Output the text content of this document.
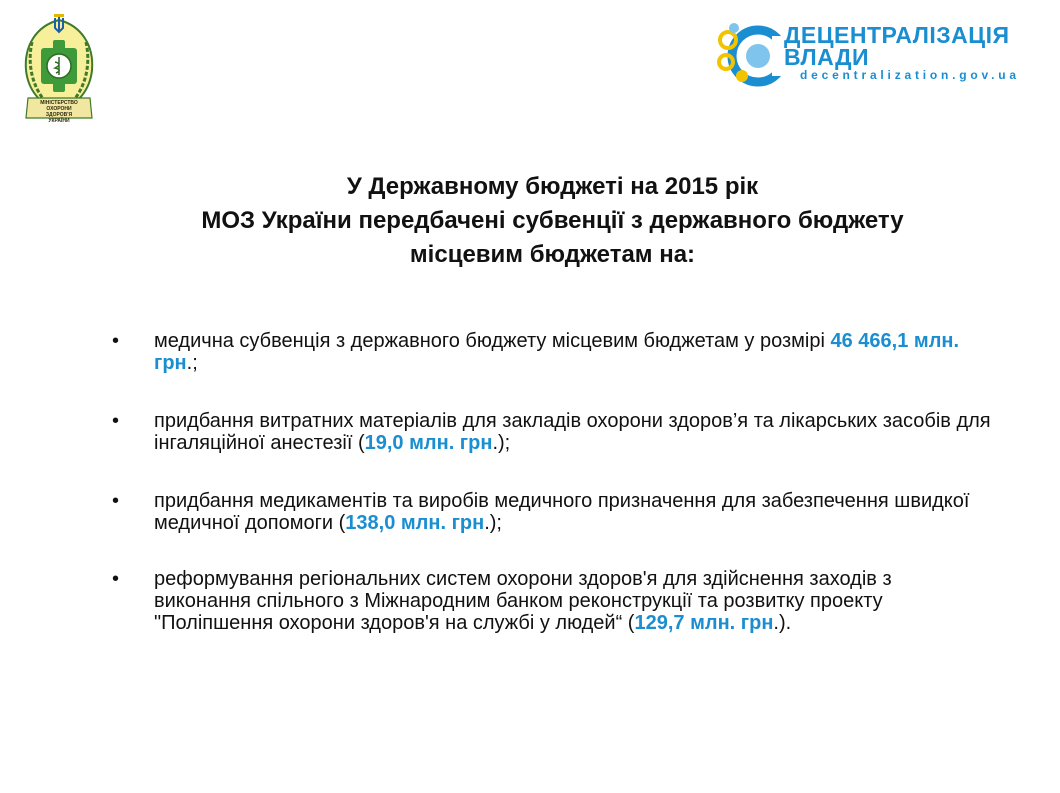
МІНІСТЕРСТВО ОХОРОНИ ЗДОРОВ'Я УКРАЇНИ
ДЕЦЕНТРАЛІЗАЦІЯ
ВЛАДИ
decentralization.gov.ua
У Державному бюджеті на 2015 рік
МОЗ України передбачені субвенції з державного бюджету
місцевим бюджетам на:
• медична субвенція з державного бюджету місцевим бюджетам у розмірі 46 466,1 млн. грн.;
• придбання витратних матеріалів для закладів охорони здоров’я та лікарських засобів для інгаляційної анестезії (19,0 млн. грн.);
• придбання медикаментів та виробів медичного призначення для забезпечення швидкої медичної допомоги (138,0 млн. грн.);
• реформування регіональних систем охорони здоров'я для здійснення заходів з виконання спільного з Міжнародним банком реконструкції та розвитку проекту "Поліпшення охорони здоров'я на службі у людей“ (129,7 млн. грн.).
